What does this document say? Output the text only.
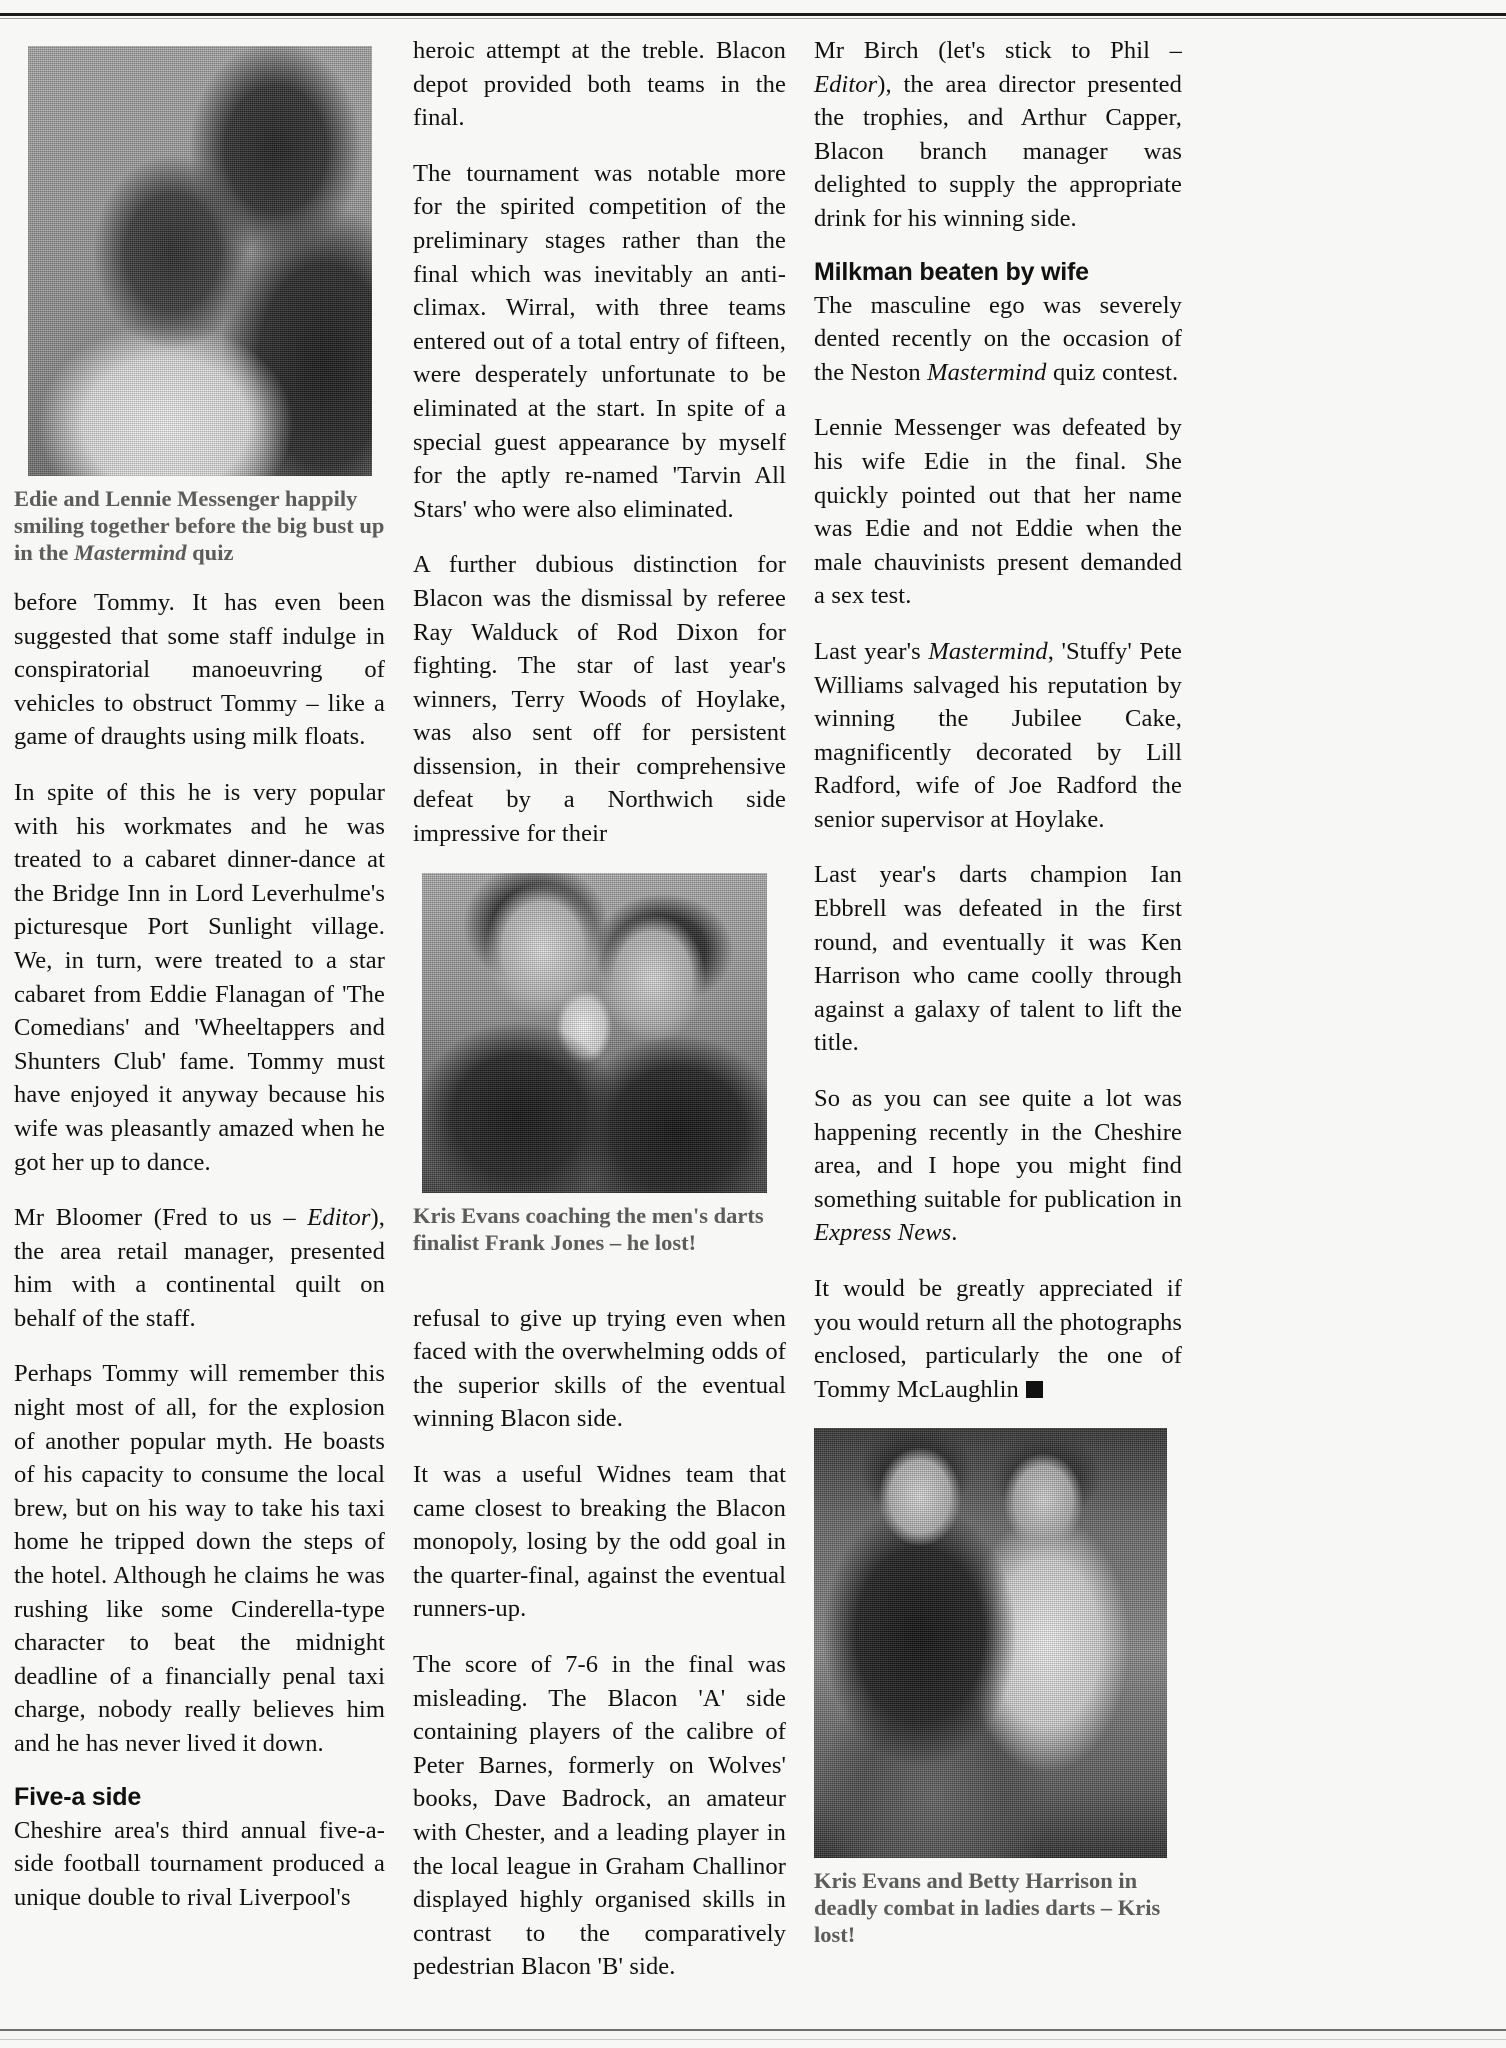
Edie and Lennie Messenger happily
smiling together before the big bust up
in the Mastermind quiz

before Tommy. It has even been suggested that some staff indulge in conspiratorial manoeuvring of vehicles to obstruct Tommy – like a game of draughts using milk floats.

In spite of this he is very popular with his workmates and he was treated to a cabaret dinner-dance at the Bridge Inn in Lord Leverhulme's picturesque Port Sunlight village. We, in turn, were treated to a star cabaret from Eddie Flanagan of 'The Comedians' and 'Wheeltappers and Shunters Club' fame. Tommy must have enjoyed it anyway because his wife was pleasantly amazed when he got her up to dance.

Mr Bloomer (Fred to us – Editor), the area retail manager, presented him with a continental quilt on behalf of the staff.

Perhaps Tommy will remember this night most of all, for the explosion of another popular myth. He boasts of his capacity to consume the local brew, but on his way to take his taxi home he tripped down the steps of the hotel. Although he claims he was rushing like some Cinderella-type character to beat the midnight deadline of a financially penal taxi charge, nobody really believes him and he has never lived it down.

Five-a side

Cheshire area's third annual five-a-side football tournament produced a unique double to rival Liverpool's

heroic attempt at the treble. Blacon depot provided both teams in the final.

The tournament was notable more for the spirited competition of the preliminary stages rather than the final which was inevitably an anti-climax. Wirral, with three teams entered out of a total entry of fifteen, were desperately unfortunate to be eliminated at the start. In spite of a special guest appearance by myself for the aptly re-named 'Tarvin All Stars' who were also eliminated.

A further dubious distinction for Blacon was the dismissal by referee Ray Walduck of Rod Dixon for fighting. The star of last year's winners, Terry Woods of Hoylake, was also sent off for persistent dissension, in their comprehensive defeat by a Northwich side impressive for their

Kris Evans coaching the men's darts
finalist Frank Jones – he lost!

refusal to give up trying even when faced with the overwhelming odds of the superior skills of the eventual winning Blacon side.

It was a useful Widnes team that came closest to breaking the Blacon monopoly, losing by the odd goal in the quarter-final, against the eventual runners-up.

The score of 7-6 in the final was misleading. The Blacon 'A' side containing players of the calibre of Peter Barnes, formerly on Wolves' books, Dave Badrock, an amateur with Chester, and a leading player in the local league in Graham Challinor displayed highly organised skills in contrast to the comparatively pedestrian Blacon 'B' side.

Mr Birch (let's stick to Phil – Editor), the area director presented the trophies, and Arthur Capper, Blacon branch manager was delighted to supply the appropriate drink for his winning side.

Milkman beaten by wife

The masculine ego was severely dented recently on the occasion of the Neston Mastermind quiz contest.

Lennie Messenger was defeated by his wife Edie in the final. She quickly pointed out that her name was Edie and not Eddie when the male chauvinists present demanded a sex test.

Last year's Mastermind, 'Stuffy' Pete Williams salvaged his reputation by winning the Jubilee Cake, magnificently decorated by Lill Radford, wife of Joe Radford the senior supervisor at Hoylake.

Last year's darts champion Ian Ebbrell was defeated in the first round, and eventually it was Ken Harrison who came coolly through against a galaxy of talent to lift the title.

So as you can see quite a lot was happening recently in the Cheshire area, and I hope you might find something suitable for publication in Express News.

It would be greatly appreciated if you would return all the photographs enclosed, particularly the one of Tommy McLaughlin

Kris Evans and Betty Harrison in
deadly combat in ladies darts – Kris
lost!
